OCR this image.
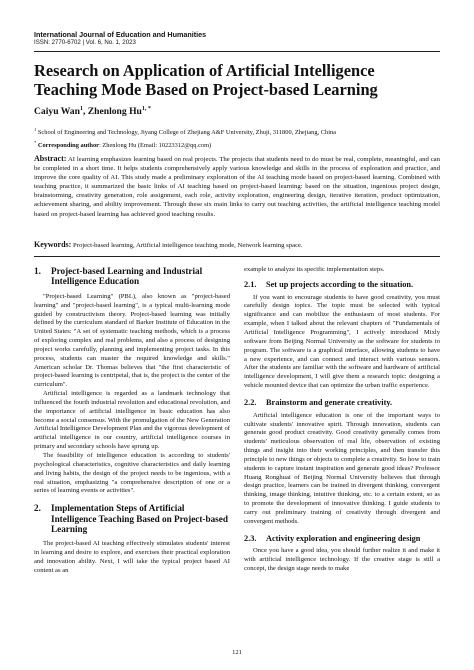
International Journal of Education and Humanities
ISSN: 2770-6702 | Vol. 6, No. 1, 2023
Research on Application of Artificial Intelligence
Teaching Mode Based on Project-based Learning
Caiyu Wan$^1$, Zhenlong $Hu^{1, *}$
$^1$ School of Engineering and Technology, Jiyang College of Zhejiang A&F University, Zhuji, 311800, Zhejiang, China
* Corresponding author: Zhenlong Hu (Email: 10223312@qq.com)
Abstract: AI learning emphasizes learning based on real projects. The projects that students need to do must be real, complete, meaningful, and can be completed in a short time. It helps students comprehensively apply various knowledge and skills in the process of exploration and practice, and improve the core quality of AI. This study made a preliminary exploration of the AI teaching mode based on project-based learning. Combined with teaching practice, it summarized the basic links of AI teaching based on project-based learning: based on the situation, ingenious project design, brainstorming, creativity generation, role assignment, each role, activity exploration, engineering design, iterative iteration, product optimization, achievement sharing, and ability improvement. Through these six main links to carry out teaching activities, the artificial intelligence teaching model based on project-based learning has achieved good teaching results.
Keywords: Project-based learning, Artificial intelligence teaching mode, Network learning space.
1.	Project-based Learning and Industrial Intelligence Education

"Project-based Learning" (PBL), also known as "project-based learning" and "project-based learning", is a typical multi-learning mode guided by constructivism theory. Project-based learning was initially defined by the curriculum standard of Barker Institute of Education in the United States: "A set of systematic teaching methods, which is a process of exploring complex and real problems, and also a process of designing project works carefully, planning and implementing project tasks. In this process, students can master the required knowledge and skills." American scholar Dr. Thomas believes that "the first characteristic of project-based learning is centripetal, that is, the project is the center of the curriculum".

Artificial intelligence is regarded as a landmark technology that influenced the fourth industrial revolution and educational revolution, and the importance of artificial intelligence in basic education has also become a social consensus. With the promulgation of the New Generation Artificial Intelligence Development Plan and the vigorous development of artificial intelligence in our country, artificial intelligence courses in primary and secondary schools have sprung up.

The feasibility of intelligence education is according to students' psychological characteristics, cognitive characteristics and daily learning and living habits, the design of the project needs to be ingenious, with a real situation, emphasizing "a comprehensive description of one or a series of learning events or activities".

2.	Implementation Steps of Artificial Intelligence Teaching Based on Project-based Learning

The project-based AI teaching effectively stimulates students' interest in learning and desire to explore, and exercises their practical exploration and innovation ability. Next, I will take the typical project based AI content as an

example to analyze its specific implementation steps.

2.1.	Set up projects according to the situation.

If you want to encourage students to have good creativity, you must carefully design topics. The topic must be selected with typical significance and can mobilize the enthusiasm of most students. For example, when I talked about the relevant chapters of "Fundamentals of Artificial Intelligence Programming", I actively introduced Mixly software from Beijing Normal University as the software for students to program. The software is a graphical interface, allowing students to have a new experience, and can connect and interact with various sensors. After the students are familiar with the software and hardware of artificial intelligence development, I will give them a research topic: designing a vehicle mounted device that can optimize the urban traffic experience.

2.2.	Brainstorm and generate creativity.

Artificial intelligence education is one of the important ways to cultivate students' innovative spirit. Through innovation, students can generate good product creativity. Good creativity generally comes from students' meticulous observation of real life, observation of existing things and insight into their working principles, and then transfer this principle to new things or objects to complete a creativity. So how to train students to capture instant inspiration and generate good ideas? Professor Huang Ronghuai of Beijing Normal University believes that through design practice, learners can be trained in divergent thinking, convergent thinking, image thinking, intuitive thinking, etc. to a certain extent, so as to promote the development of innovative thinking. I guide students to carry out preliminary training of creativity through divergent and convergent methods.

2.3.	Activity exploration and engineering design

Once you have a good idea, you should further realize it and make it with artificial intelligence technology. If the creative stage is still a concept, the design stage needs to make

121
